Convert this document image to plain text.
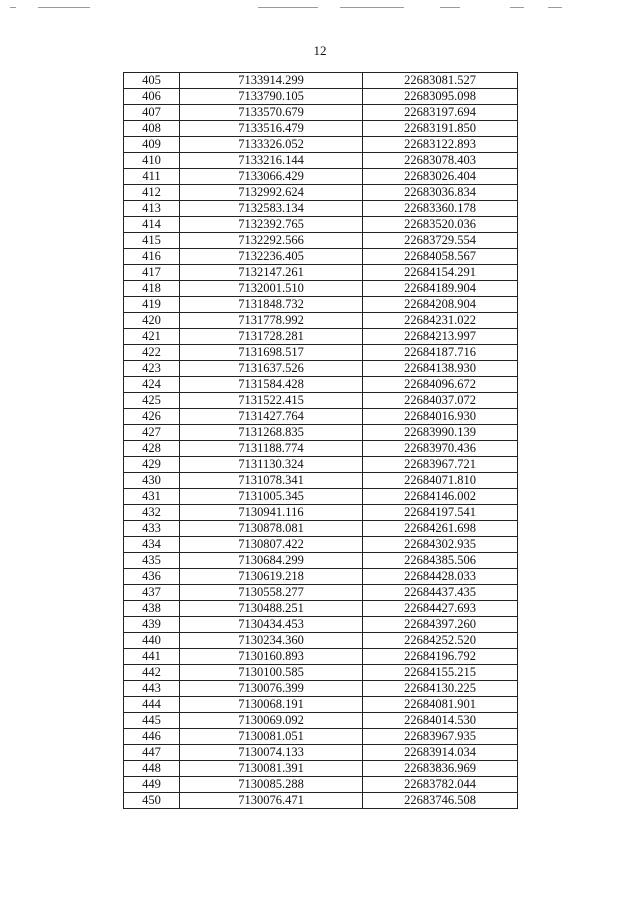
12
405	7133914.299	22683081.527
406	7133790.105	22683095.098
407	7133570.679	22683197.694
408	7133516.479	22683191.850
409	7133326.052	22683122.893
410	7133216.144	22683078.403
411	7133066.429	22683026.404
412	7132992.624	22683036.834
413	7132583.134	22683360.178
414	7132392.765	22683520.036
415	7132292.566	22683729.554
416	7132236.405	22684058.567
417	7132147.261	22684154.291
418	7132001.510	22684189.904
419	7131848.732	22684208.904
420	7131778.992	22684231.022
421	7131728.281	22684213.997
422	7131698.517	22684187.716
423	7131637.526	22684138.930
424	7131584.428	22684096.672
425	7131522.415	22684037.072
426	7131427.764	22684016.930
427	7131268.835	22683990.139
428	7131188.774	22683970.436
429	7131130.324	22683967.721
430	7131078.341	22684071.810
431	7131005.345	22684146.002
432	7130941.116	22684197.541
433	7130878.081	22684261.698
434	7130807.422	22684302.935
435	7130684.299	22684385.506
436	7130619.218	22684428.033
437	7130558.277	22684437.435
438	7130488.251	22684427.693
439	7130434.453	22684397.260
440	7130234.360	22684252.520
441	7130160.893	22684196.792
442	7130100.585	22684155.215
443	7130076.399	22684130.225
444	7130068.191	22684081.901
445	7130069.092	22684014.530
446	7130081.051	22683967.935
447	7130074.133	22683914.034
448	7130081.391	22683836.969
449	7130085.288	22683782.044
450	7130076.471	22683746.508
